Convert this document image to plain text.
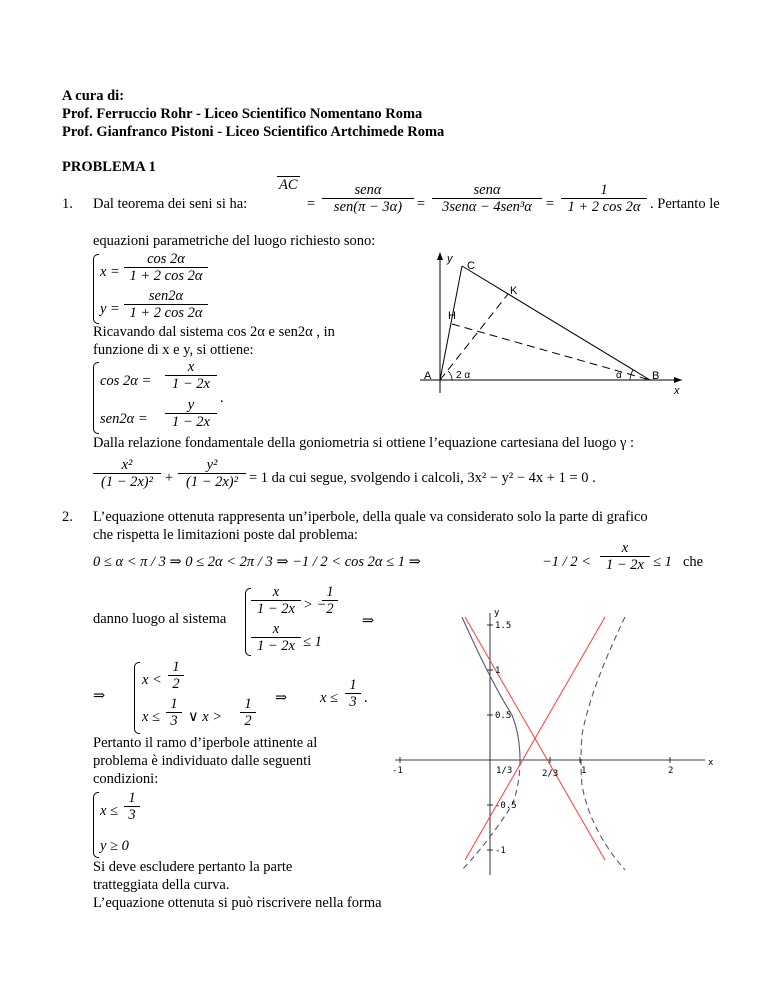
A cura di:
Prof. Ferruccio Rohr - Liceo Scientifico Nomentano Roma
Prof. Gianfranco Pistoni - Liceo Scientifico Artchimede Roma
PROBLEMA 1
1. Dal teorema dei seni si ha:
AC
=
senα
sen(π − 3α) =
senα
$3sen\alpha - 4sen^3\alpha = \frac{1}{1 + 2 \cos 2\alpha}$ . Pertanto le
equazioni parametriche del luogo richiesto sono:
$x = \frac{\cos 2\alpha}{1 + 2 \cos 2\alpha}$
y =
sen2α
1 + 2 cos 2α
Ricavando dal sistema cos 2α e sen2α , in
funzione di x e y, si ottiene:
$\cos 2\alpha = \frac{x}{1 - 2x}$
.
$sen2\alpha = \frac{y}{1 - 2x}$
Dalla relazione fondamentale della goniometria si ottiene l’equazione cartesiana del luogo γ :
$\frac{\text{x²}}{\text{(1 − 2x)²}} + \frac{\text{y²}}{\text{(1 − 2x)²}} = 1$ da cui segue, svolgendo i calcoli, 3x² − y² − 4x + 1 = 0 .
y
x
A	B
C
H
K
2 α	α
2. L’equazione ottenuta rappresenta un’iperbole, della quale va considerato solo la parte di grafico
che rispetta le limitazioni poste dal problema:
0 ≤ α < π / 3 ⇒ 0 ≤ 2α < 2π / 3 ⇒ −1 / 2 < cos 2α ≤ 1 ⇒	$-1 / 2 < \frac{x}{1 - 2x} \le 1$ che
danno luogo al sistema
$\frac{x}{1 - 2x}$ > −
$\frac{1}{2}$
$\frac{x}{1 - 2x} \le 1$
⇒
⇒
$x < \frac{1}{2}$
$x \le \frac{1}{3}$ ∨ $x > \frac{1}{2}$ ⇒ $x \le \frac{1}{3}$ .
Pertanto il ramo d’iperbole attinente al
problema è individuato dalle seguenti
condizioni:
$x \le \frac{1}{3}$
y ≥ 0
Si deve escludere pertanto la parte
tratteggiata della curva.
L’equazione ottenuta si può riscrivere nella forma
y
x
1.5
1
0.5
-1	1/3	2/3	1	2
-0.5
-1
